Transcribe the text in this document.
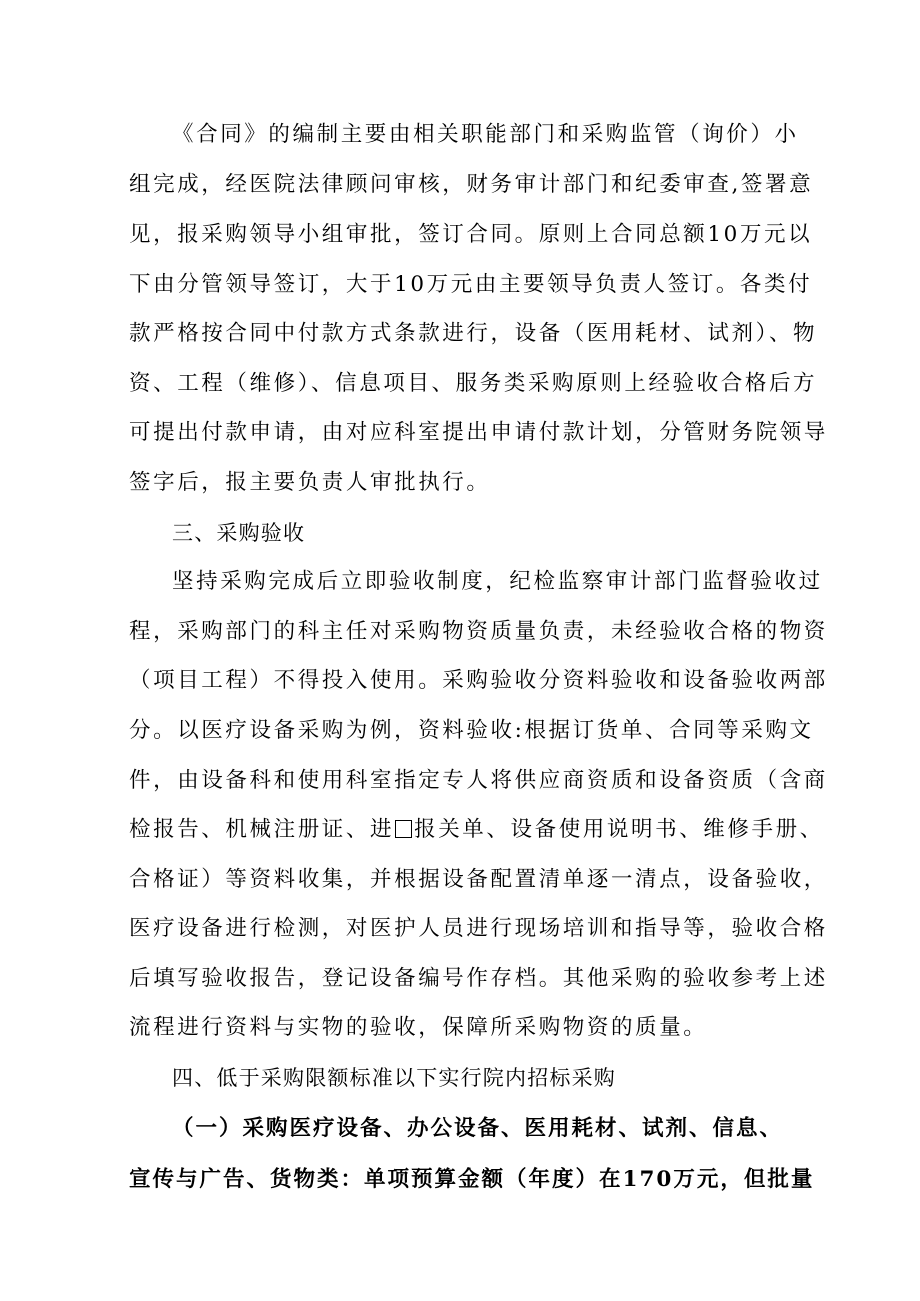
《合同》的编制主要由相关职能部门和采购监管（询价）小
组完成，经医院法律顾问审核，财务审计部门和纪委审查,签署意
见，报采购领导小组审批，签订合同。原则上合同总额10万元以
下由分管领导签订，大于10万元由主要领导负责人签订。各类付
款严格按合同中付款方式条款进行，设备（医用耗材、试剂）、物
资、工程（维修）、信息项目、服务类采购原则上经验收合格后方
可提出付款申请，由对应科室提出申请付款计划，分管财务院领导
签字后，报主要负责人审批执行。
三、采购验收
坚持采购完成后立即验收制度，纪检监察审计部门监督验收过
程，采购部门的科主任对采购物资质量负责，未经验收合格的物资
（项目工程）不得投入使用。采购验收分资料验收和设备验收两部
分。以医疗设备采购为例，资料验收:根据订货单、合同等采购文
件，由设备科和使用科室指定专人将供应商资质和设备资质（含商
检报告、机械注册证、进 报关单、设备使用说明书、维修手册、
合格证）等资料收集，并根据设备配置清单逐一清点，设备验收，
医疗设备进行检测，对医护人员进行现场培训和指导等，验收合格
后填写验收报告，登记设备编号作存档。其他采购的验收参考上述
流程进行资料与实物的验收，保障所采购物资的质量。
四、低于采购限额标准以下实行院内招标采购
（一）采购医疗设备、办公设备、医用耗材、试剂、信息、
宣传与广告、货物类：单项预算金额（年度）在170万元，但批量
